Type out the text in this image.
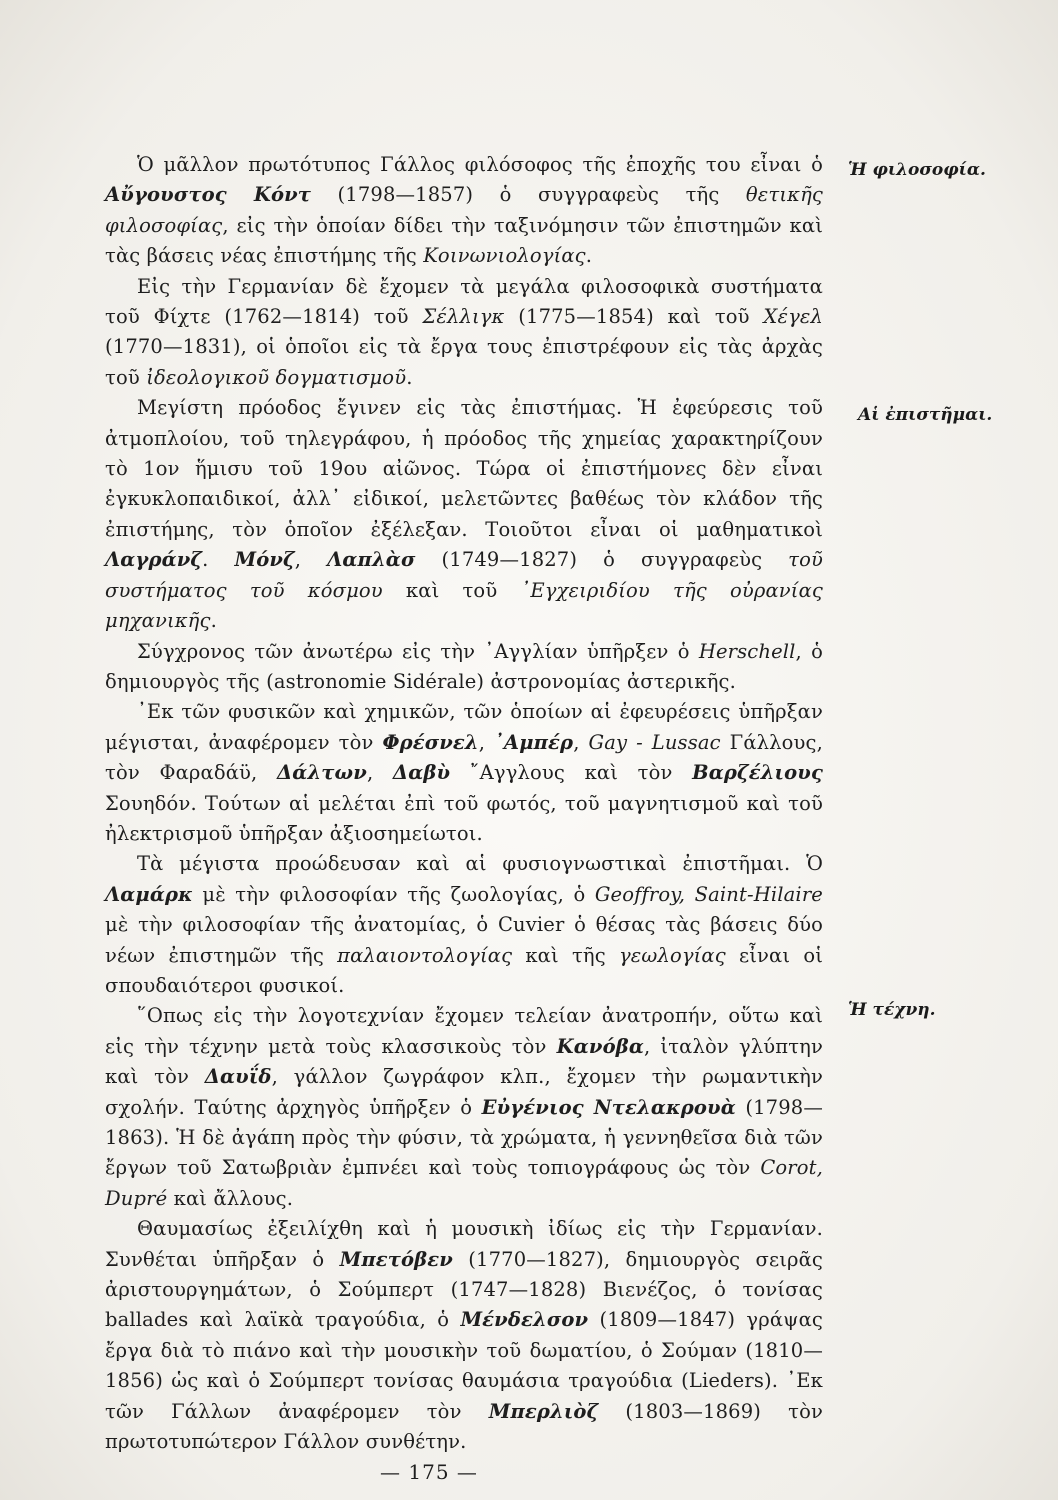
Ὁ μᾶλλον πρωτότυπος Γάλλος φιλόσοφος τῆς ἐποχῆς του εἶναι ὁ Αὔγουστος Κόντ (1798—1857) ὁ συγγραφεὺς τῆς θετικῆς φιλοσοφίας, εἰς τὴν ὁποίαν δίδει τὴν ταξινόμησιν τῶν ἐπιστημῶν καὶ τὰς βάσεις νέας ἐπιστήμης τῆς Κοινωνιολογίας.

Εἰς τὴν Γερμανίαν δὲ ἔχομεν τὰ μεγάλα φιλοσοφικὰ συστήματα τοῦ Φίχτε (1762—1814) τοῦ Σέλλιγκ (1775—1854) καὶ τοῦ Χέγελ (1770—1831), οἱ ὁποῖοι εἰς τὰ ἔργα τους ἐπιστρέφουν εἰς τὰς ἀρχὰς τοῦ ἰδεολογικοῦ δογματισμοῦ.

Μεγίστη πρόοδος ἔγινεν εἰς τὰς ἐπιστήμας. Ἡ ἐφεύρεσις τοῦ ἀτμοπλοίου, τοῦ τηλεγράφου, ἡ πρόοδος τῆς χημείας χαρακτηρίζουν τὸ 1ον ἥμισυ τοῦ 19ου αἰῶνος. Τώρα οἱ ἐπιστήμονες δὲν εἶναι ἐγκυκλοπαιδικοί, ἀλλ᾿ εἰδικοί, μελετῶντες βαθέως τὸν κλάδον τῆς ἐπιστήμης, τὸν ὁποῖον ἐξέλεξαν. Τοιοῦτοι εἶναι οἱ μαθηματικοὶ Λαγράνζ. Μόνζ, Λαπλὰσ (1749—1827) ὁ συγγραφεὺς τοῦ συστήματος τοῦ κόσμου καὶ τοῦ ᾿Εγχειριδίου τῆς οὐρανίας μηχανικῆς.

Σύγχρονος τῶν ἀνωτέρω εἰς τὴν ᾿Αγγλίαν ὑπῆρξεν ὁ Herschell, ὁ δημιουργὸς τῆς (astronomie Sidérale) ἀστρονομίας ἀστερικῆς.

᾿Εκ τῶν φυσικῶν καὶ χημικῶν, τῶν ὁποίων αἱ ἐφευρέσεις ὑπῆρξαν μέγισται, ἀναφέρομεν τὸν Φρέσνελ, ᾿Αμπέρ, Gay - Lussac Γάλλους, τὸν Φαραδάϋ, Δάλτων, Δαβὺ ῎Αγγλους καὶ τὸν Βαρζέλιους Σουηδόν. Τούτων αἱ μελέται ἐπὶ τοῦ φωτός, τοῦ μαγνητισμοῦ καὶ τοῦ ἠλεκτρισμοῦ ὑπῆρξαν ἀξιοσημείωτοι.

Τὰ μέγιστα προώδευσαν καὶ αἱ φυσιογνωστικαὶ ἐπιστῆμαι. Ὁ Λαμάρκ μὲ τὴν φιλοσοφίαν τῆς ζωολογίας, ὁ Geoffroy, Saint-Hilaire μὲ τὴν φιλοσοφίαν τῆς ἀνατομίας, ὁ Cuvier ὁ θέσας τὰς βάσεις δύο νέων ἐπιστημῶν τῆς παλαιοντολογίας καὶ τῆς γεωλογίας εἶναι οἱ σπουδαιότεροι φυσικοί.

῞Οπως εἰς τὴν λογοτεχνίαν ἔχομεν τελείαν ἀνατροπήν, οὕτω καὶ εἰς τὴν τέχνην μετὰ τοὺς κλασσικοὺς τὸν Κανόβα, ἰταλὸν γλύπτην καὶ τὸν Δαυΐδ, γάλλον ζωγράφον κλπ., ἔχομεν τὴν ρωμαντικὴν σχολήν. Ταύτης ἀρχηγὸς ὑπῆρξεν ὁ Εὐγένιος Ντελακρουὰ (1798—1863). Ἡ δὲ ἀγάπη πρὸς τὴν φύσιν, τὰ χρώματα, ἡ γεννηθεῖσα διὰ τῶν ἔργων τοῦ Σατωβριὰν ἐμπνέει καὶ τοὺς τοπιογράφους ὡς τὸν Corot, Dupré καὶ ἄλλους.

Θαυμασίως ἐξειλίχθη καὶ ἡ μουσικὴ ἰδίως εἰς τὴν Γερμανίαν. Συνθέται ὑπῆρξαν ὁ Μπετόβεν (1770—1827), δημιουργὸς σειρᾶς ἀριστουργημάτων, ὁ Σούμπερτ (1747—1828) Βιενέζος, ὁ τονίσας ballades καὶ λαϊκὰ τραγούδια, ὁ Μένδελσον (1809—1847) γράψας ἔργα διὰ τὸ πιάνο καὶ τὴν μουσικὴν τοῦ δωματίου, ὁ Σούμαν (1810—1856) ὡς καὶ ὁ Σούμπερτ τονίσας θαυμάσια τραγούδια (Lieders). ᾿Εκ τῶν Γάλλων ἀναφέρομεν τὸν Μπερλιὸζ (1803—1869) τὸν πρωτοτυπώτερον Γάλλον συνθέτην.

Ἡ φιλοσοφία.
Αἱ ἐπιστῆμαι.
Ἡ τέχνη.
— 175 —
